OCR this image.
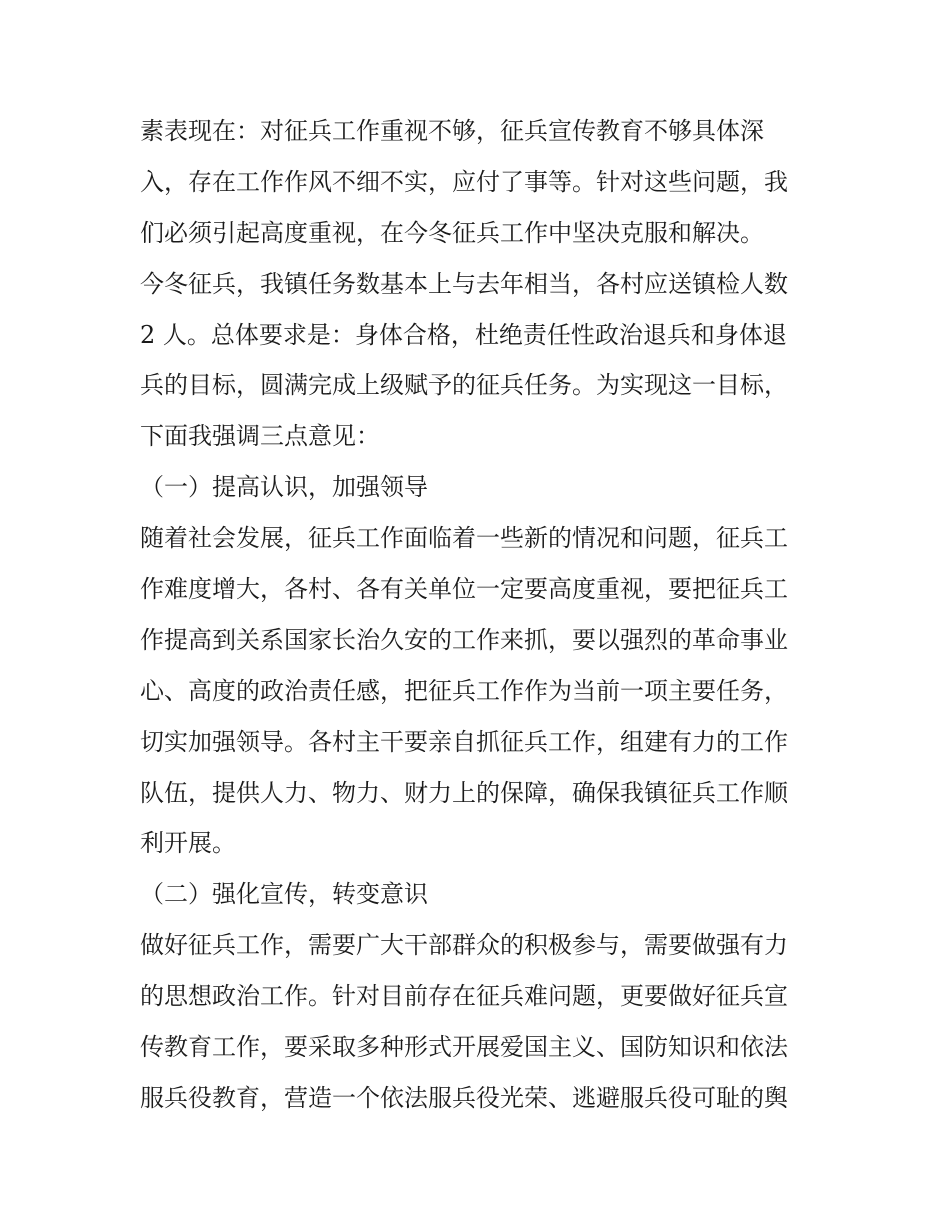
素表现在：对征兵工作重视不够，征兵宣传教育不够具体深
入，存在工作作风不细不实，应付了事等。针对这些问题，我
们必须引起高度重视，在今冬征兵工作中坚决克服和解决。
今冬征兵，我镇任务数基本上与去年相当，各村应送镇检人数
2 人。总体要求是：身体合格，杜绝责任性政治退兵和身体退
兵的目标，圆满完成上级赋予的征兵任务。为实现这一目标，
下面我强调三点意见：
（一）提高认识，加强领导
随着社会发展，征兵工作面临着一些新的情况和问题，征兵工
作难度增大，各村、各有关单位一定要高度重视，要把征兵工
作提高到关系国家长治久安的工作来抓，要以强烈的革命事业
心、高度的政治责任感，把征兵工作作为当前一项主要任务，
切实加强领导。各村主干要亲自抓征兵工作，组建有力的工作
队伍，提供人力、物力、财力上的保障，确保我镇征兵工作顺
利开展。
（二）强化宣传，转变意识
做好征兵工作，需要广大干部群众的积极参与，需要做强有力
的思想政治工作。针对目前存在征兵难问题，更要做好征兵宣
传教育工作，要采取多种形式开展爱国主义、国防知识和依法
服兵役教育，营造一个依法服兵役光荣、逃避服兵役可耻的舆
